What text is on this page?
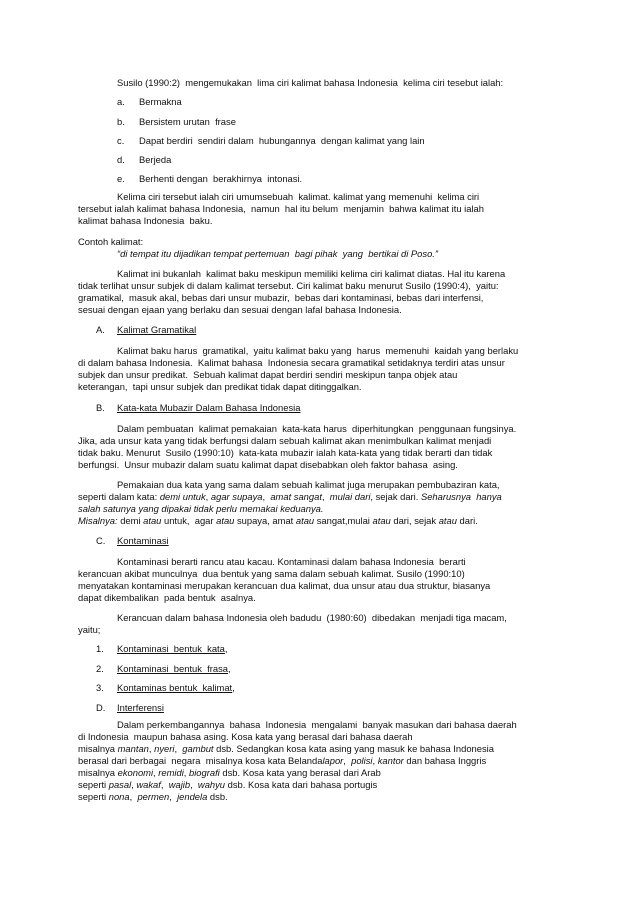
Susilo (1990:2)  mengemukakan  lima ciri kalimat bahasa Indonesia  kelima ciri tesebut ialah:
a. Bermakna
b. Bersistem urutan  frase
c. Dapat berdiri  sendiri dalam  hubungannya  dengan kalimat yang lain
d. Berjeda
e. Berhenti dengan  berakhirnya  intonasi.
Kelima ciri tersebut ialah ciri umumsebuah  kalimat. kalimat yang memenuhi  kelima ciri
tersebut ialah kalimat bahasa Indonesia,  namun  hal itu belum  menjamin  bahwa kalimat itu ialah
kalimat bahasa Indonesia  baku.
Contoh kalimat:
“di tempat itu dijadikan tempat pertemuan  bagi pihak  yang  bertikai di Poso.”
Kalimat ini bukanlah  kalimat baku meskipun memiliki kelima ciri kalimat diatas. Hal itu karena
tidak terlihat unsur subjek di dalam kalimat tersebut. Ciri kalimat baku menurut Susilo (1990:4),  yaitu:
gramatikal,  masuk akal, bebas dari unsur mubazir,  bebas dari kontaminasi, bebas dari interfensi,
sesuai dengan ejaan yang berlaku dan sesuai dengan lafal bahasa Indonesia.
A. Kalimat Gramatikal
Kalimat baku harus  gramatikal,  yaitu kalimat baku yang  harus  memenuhi  kaidah yang berlaku
di dalam bahasa Indonesia.  Kalimat bahasa  Indonesia secara gramatikal setidaknya terdiri atas unsur
subjek dan unsur predikat.  Sebuah kalimat dapat berdiri sendiri meskipun tanpa objek atau
keterangan,  tapi unsur subjek dan predikat tidak dapat ditinggalkan.
B. Kata-kata Mubazir Dalam Bahasa Indonesia
Dalam pembuatan  kalimat pemakaian  kata-kata harus  diperhitungkan  penggunaan fungsinya.
Jika, ada unsur kata yang tidak berfungsi dalam sebuah kalimat akan menimbulkan kalimat menjadi
tidak baku. Menurut  Susilo (1990:10)  kata-kata mubazir ialah kata-kata yang tidak berarti dan tidak
berfungsi.  Unsur mubazir dalam suatu kalimat dapat disebabkan oleh faktor bahasa  asing.
Pemakaian dua kata yang sama dalam sebuah kalimat juga merupakan pembubaziran kata,
seperti dalam kata: demi untuk, agar supaya,  amat sangat,  mulai dari, sejak dari. Seharusnya  hanya
salah satunya yang dipakai tidak perlu memakai keduanya.
Misalnya: demi atau untuk,  agar atau supaya, amat atau sangat,mulai atau dari, sejak atau dari.
C. Kontaminasi
Kontaminasi berarti rancu atau kacau. Kontaminasi dalam bahasa Indonesia  berarti
kerancuan akibat munculnya  dua bentuk yang sama dalam sebuah kalimat. Susilo (1990:10)
menyatakan kontaminasi merupakan kerancuan dua kalimat, dua unsur atau dua struktur, biasanya
dapat dikembalikan  pada bentuk  asalnya.
Kerancuan dalam bahasa Indonesia oleh badudu  (1980:60)  dibedakan  menjadi tiga macam,
yaitu;
1. Kontaminasi  bentuk  kata,
2. Kontaminasi  bentuk  frasa,
3. Kontaminas bentuk  kalimat,
D. Interferensi
Dalam perkembangannya  bahasa  Indonesia  mengalami  banyak masukan dari bahasa daerah
di Indonesia  maupun bahasa asing. Kosa kata yang berasal dari bahasa daerah
misalnya mantan, nyeri,  gambut dsb. Sedangkan kosa kata asing yang masuk ke bahasa Indonesia
berasal dari berbagai  negara  misalnya kosa kata Belandalapor,  polisi, kantor dan bahasa Inggris
misalnya ekonomi, remidi, biografi dsb. Kosa kata yang berasal dari Arab
seperti pasal, wakaf,  wajib,  wahyu dsb. Kosa kata dari bahasa portugis
seperti nona,  permen,  jendela dsb.
